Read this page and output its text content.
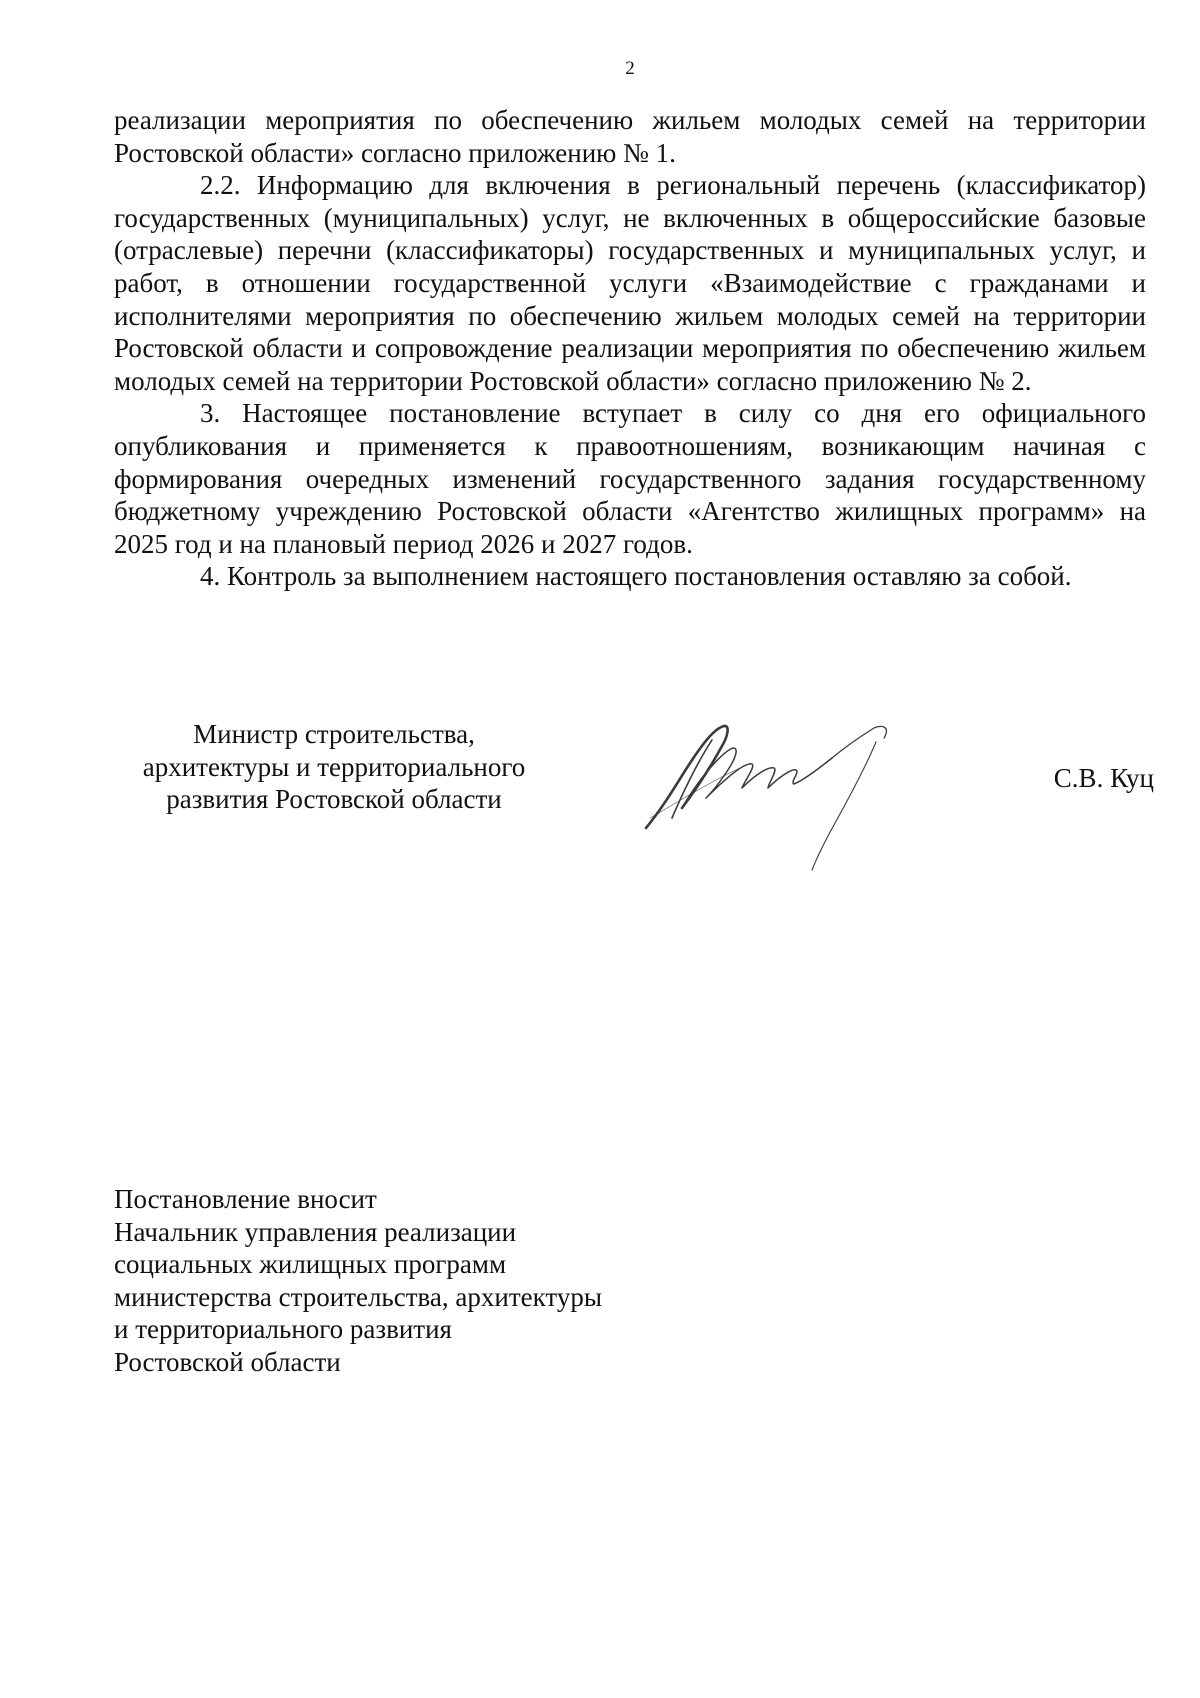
2

реализации мероприятия по обеспечению жильем молодых семей на территории Ростовской области» согласно приложению № 1.

2.2. Информацию для включения в региональный перечень (классификатор) государственных (муниципальных) услуг, не включенных в общероссийские базовые (отраслевые) перечни (классификаторы) государственных и муниципальных услуг, и работ, в отношении государственной услуги «Взаимодействие с гражданами и исполнителями мероприятия по обеспечению жильем молодых семей на территории Ростовской области и сопровождение реализации мероприятия по обеспечению жильем молодых семей на территории Ростовской области» согласно приложению № 2.

3. Настоящее постановление вступает в силу со дня его официального опубликования и применяется к правоотношениям, возникающим начиная с формирования очередных изменений государственного задания государственному бюджетному учреждению Ростовской области «Агентство жилищных программ» на 2025 год и на плановый период 2026 и 2027 годов.

4. Контроль за выполнением настоящего постановления оставляю за собой.

Министр строительства,
архитектуры и территориального
развития Ростовской области
С.В. Куц
Постановление вносит
Начальник управления реализации
социальных жилищных программ
министерства строительства, архитектуры
и территориального развития
Ростовской области
